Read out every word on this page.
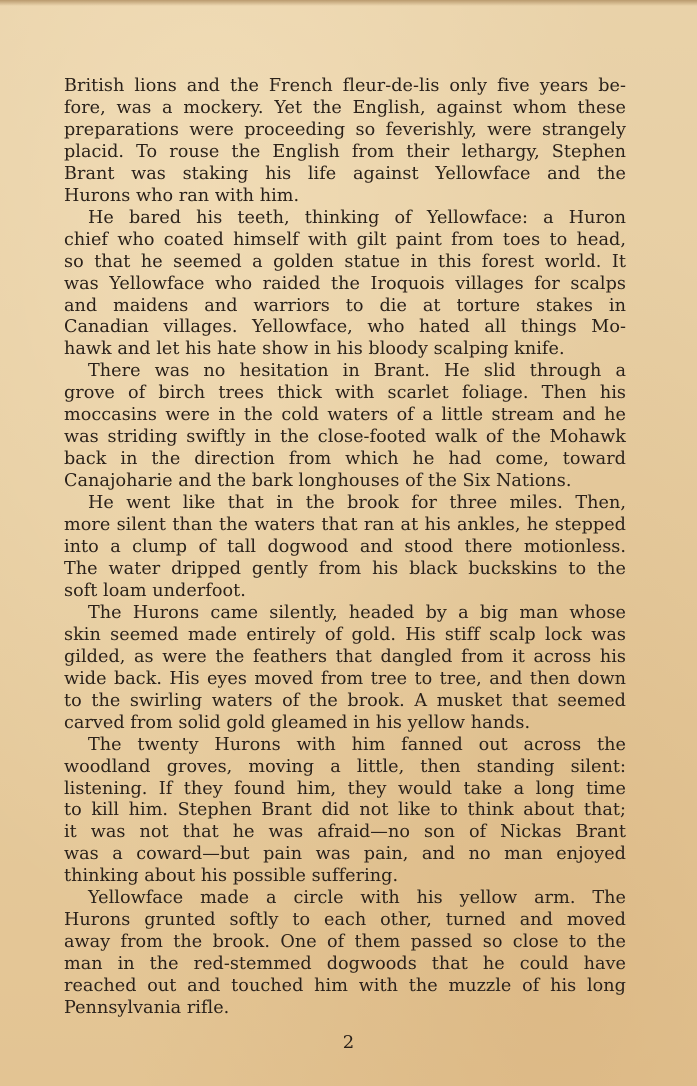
British lions and the French fleur-de-lis only five years be-
fore, was a mockery. Yet the English, against whom these
preparations were proceeding so feverishly, were strangely
placid. To rouse the English from their lethargy, Stephen
Brant was staking his life against Yellowface and the
Hurons who ran with him.

He bared his teeth, thinking of Yellowface: a Huron
chief who coated himself with gilt paint from toes to head,
so that he seemed a golden statue in this forest world. It
was Yellowface who raided the Iroquois villages for scalps
and maidens and warriors to die at torture stakes in
Canadian villages. Yellowface, who hated all things Mo-
hawk and let his hate show in his bloody scalping knife.

There was no hesitation in Brant. He slid through a
grove of birch trees thick with scarlet foliage. Then his
moccasins were in the cold waters of a little stream and he
was striding swiftly in the close-footed walk of the Mohawk
back in the direction from which he had come, toward
Canajoharie and the bark longhouses of the Six Nations.

He went like that in the brook for three miles. Then,
more silent than the waters that ran at his ankles, he stepped
into a clump of tall dogwood and stood there motionless.
The water dripped gently from his black buckskins to the
soft loam underfoot.

The Hurons came silently, headed by a big man whose
skin seemed made entirely of gold. His stiff scalp lock was
gilded, as were the feathers that dangled from it across his
wide back. His eyes moved from tree to tree, and then down
to the swirling waters of the brook. A musket that seemed
carved from solid gold gleamed in his yellow hands.

The twenty Hurons with him fanned out across the
woodland groves, moving a little, then standing silent:
listening. If they found him, they would take a long time
to kill him. Stephen Brant did not like to think about that;
it was not that he was afraid—no son of Nickas Brant
was a coward—but pain was pain, and no man enjoyed
thinking about his possible suffering.

Yellowface made a circle with his yellow arm. The
Hurons grunted softly to each other, turned and moved
away from the brook. One of them passed so close to the
man in the red-stemmed dogwoods that he could have
reached out and touched him with the muzzle of his long
Pennsylvania rifle.

2
